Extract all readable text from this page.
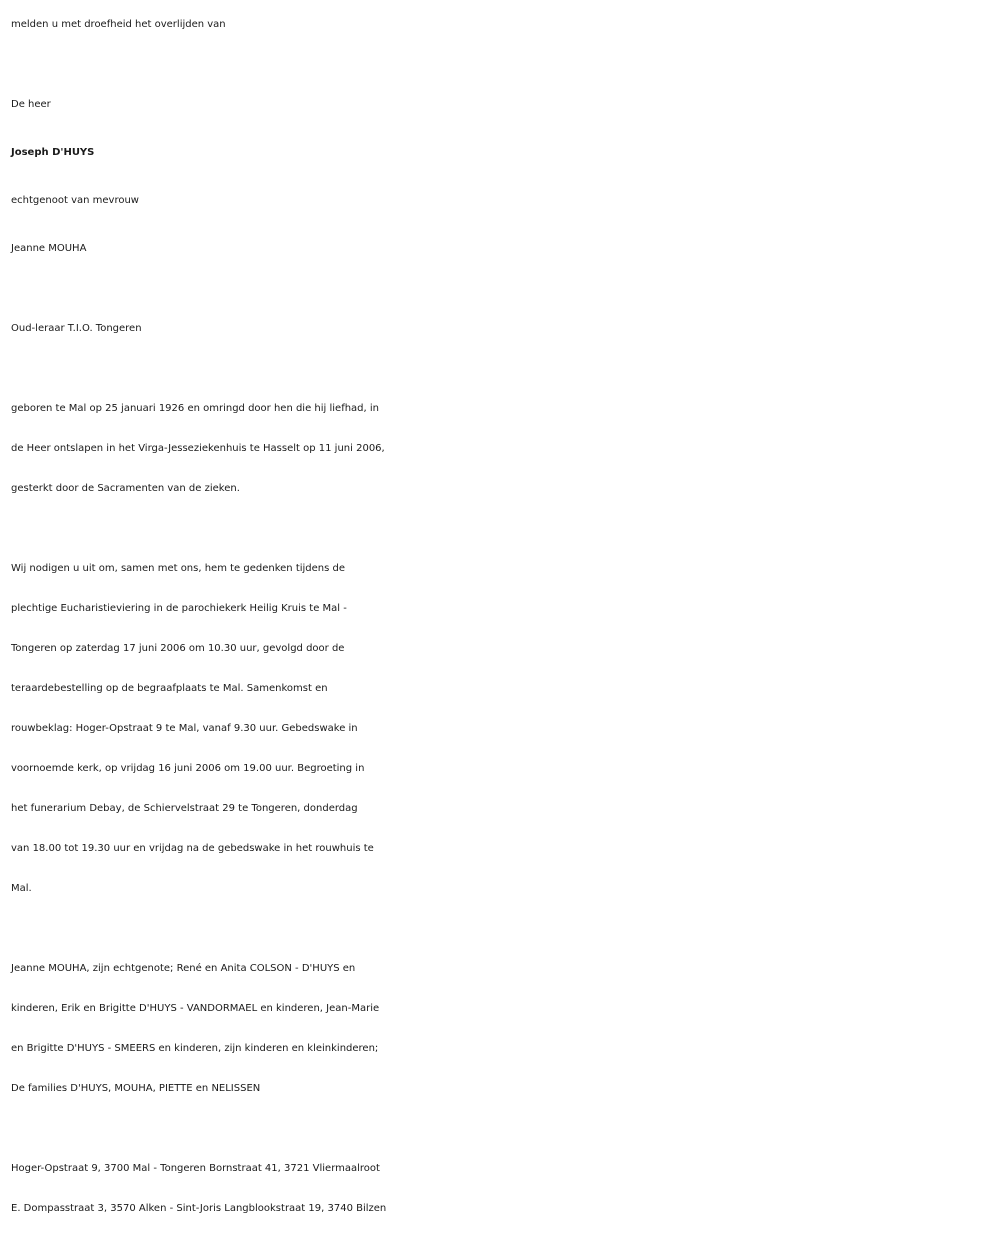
melden u met droefheid het overlijden van
De heer
Joseph D'HUYS
echtgenoot van mevrouw
Jeanne MOUHA
Oud-leraar T.I.O. Tongeren
geboren te Mal op 25 januari 1926 en omringd door hen die hij liefhad, in
de Heer ontslapen in het Virga-Jesseziekenhuis te Hasselt op 11 juni 2006,
gesterkt door de Sacramenten van de zieken.
Wij nodigen u uit om, samen met ons, hem te gedenken tijdens de
plechtige Eucharistieviering in de parochiekerk Heilig Kruis te Mal -
Tongeren op zaterdag 17 juni 2006 om 10.30 uur, gevolgd door de
teraardebestelling op de begraafplaats te Mal. Samenkomst en
rouwbeklag: Hoger-Opstraat 9 te Mal, vanaf 9.30 uur. Gebedswake in
voornoemde kerk, op vrijdag 16 juni 2006 om 19.00 uur. Begroeting in
het funerarium Debay, de Schiervelstraat 29 te Tongeren, donderdag
van 18.00 tot 19.30 uur en vrijdag na de gebedswake in het rouwhuis te
Mal.
Jeanne MOUHA, zijn echtgenote; René en Anita COLSON - D'HUYS en
kinderen, Erik en Brigitte D'HUYS - VANDORMAEL en kinderen, Jean-Marie
en Brigitte D'HUYS - SMEERS en kinderen, zijn kinderen en kleinkinderen;
De families D'HUYS, MOUHA, PIETTE en NELISSEN
Hoger-Opstraat 9, 3700 Mal - Tongeren Bornstraat 41, 3721 Vliermaalroot
E. Dompasstraat 3, 3570 Alken - Sint-Joris Langblookstraat 19, 3740 Bilzen
